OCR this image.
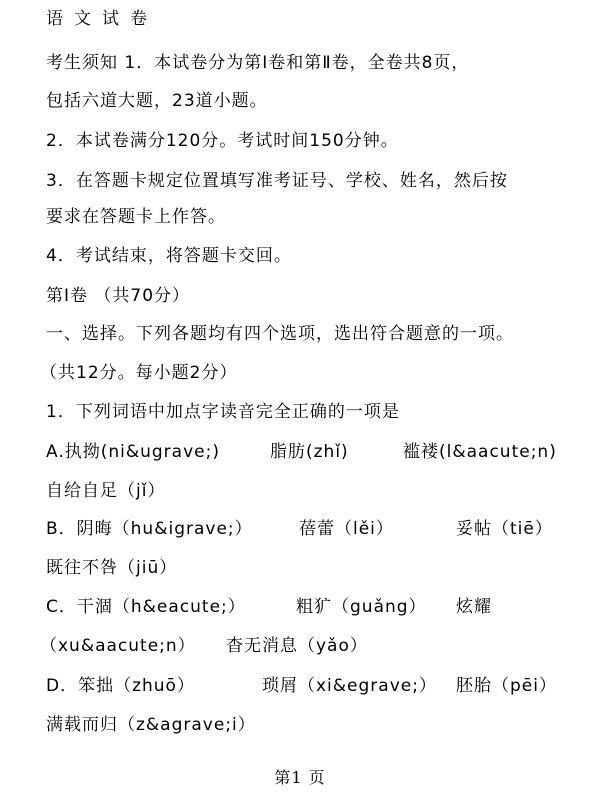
语文试卷
考生须知 1．本试卷分为第Ⅰ卷和第Ⅱ卷，全卷共8页，
包括六道大题，23道小题。
2．本试卷满分120分。考试时间150分钟。
3．在答题卡规定位置填写准考证号、学校、姓名，然后按
要求在答题卡上作答。
4．考试结束，将答题卡交回。
第Ⅰ卷 （共70分）
一、选择。下列各题均有四个选项，选出符合题意的一项。
（共12分。每小题2分）
1．下列词语中加点字读音完全正确的一项是
A.执拗(ni&ugrave;)	脂肪(zhǐ)	褴褛(l&aacute;n)
自给自足（jǐ）
B．阴晦（hu&igrave;）	蓓蕾（lěi）	妥帖（tiē）
既往不咎（jiū）
C．干涸（h&eacute;）	粗犷（guǎng） 炫耀
（xu&aacute;n） 杳无消息（yǎo）
D．笨拙（zhuō）	琐屑（xi&egrave;） 胚胎（pēi）
满载而归（z&agrave;i）
第1 页
